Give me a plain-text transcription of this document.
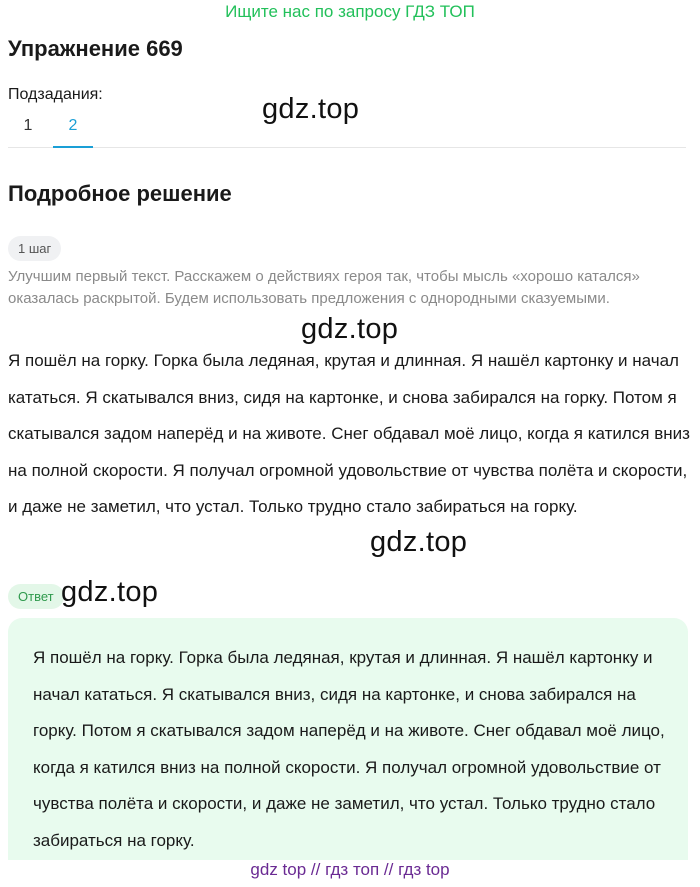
Ищите нас по запросу ГДЗ ТОП
Упражнение 669
Подзадания:
1	2
gdz.top
Подробное решение
1 шаг
Улучшим первый текст. Расскажем о действиях героя так, чтобы мысль «хорошо катался» оказалась раскрытой. Будем использовать предложения с однородными сказуемыми.
gdz.top
Я пошёл на горку. Горка была ледяная, крутая и длинная. Я нашёл картонку и начал кататься. Я скатывался вниз, сидя на картонке, и снова забирался на горку. Потом я скатывался задом наперёд и на животе. Снег обдавал моё лицо, когда я катился вниз на полной скорости. Я получал огромной удовольствие от чувства полёта и скорости, и даже не заметил, что устал. Только трудно стало забираться на горку.
gdz.top
Ответ gdz.top
Я пошёл на горку. Горка была ледяная, крутая и длинная. Я нашёл картонку и начал кататься. Я скатывался вниз, сидя на картонке, и снова забирался на горку. Потом я скатывался задом наперёд и на животе. Снег обдавал моё лицо, когда я катился вниз на полной скорости. Я получал огромной удовольствие от чувства полёта и скорости, и даже не заметил, что устал. Только трудно стало забираться на горку.
gdz top // гдз топ // гдз top
